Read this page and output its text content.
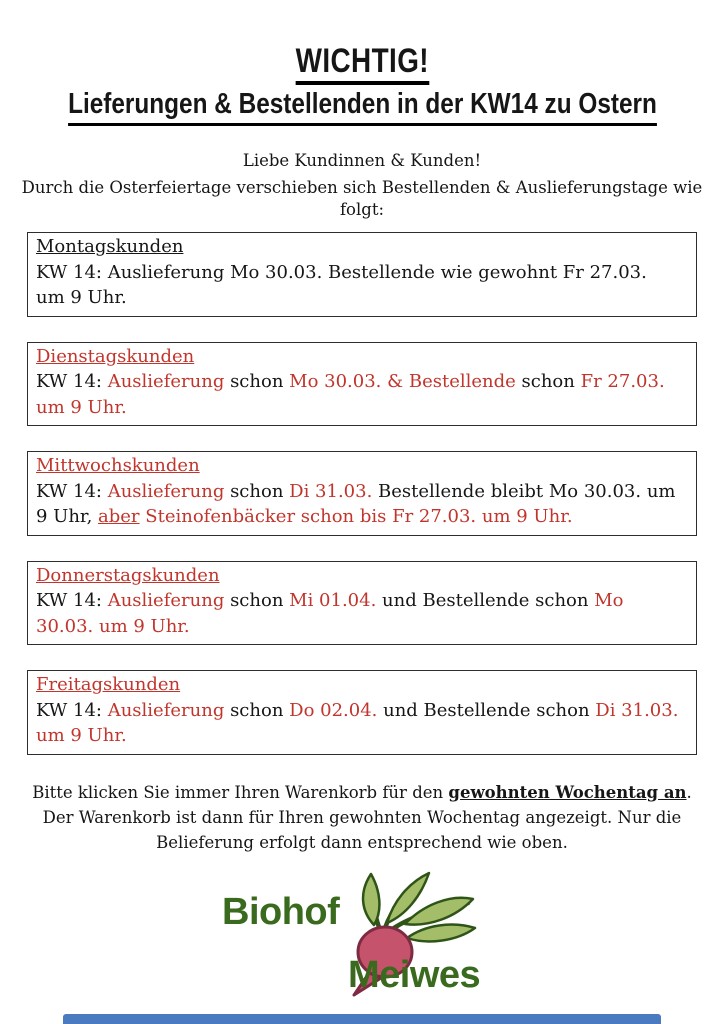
WICHTIG!
Lieferungen & Bestellenden in der KW14 zu Ostern

Liebe Kundinnen & Kunden!

Durch die Osterfeiertage verschieben sich Bestellenden & Auslieferungstage wie folgt:

Montagskunden
KW 14: Auslieferung Mo 30.03. Bestellende wie gewohnt Fr 27.03.
um 9 Uhr.
Dienstagskunden
KW 14: Auslieferung schon Mo 30.03. & Bestellende schon Fr 27.03.
um 9 Uhr.
Mittwochskunden
KW 14: Auslieferung schon Di 31.03. Bestellende bleibt Mo 30.03. um
9 Uhr, aber Steinofenbäcker schon bis Fr 27.03. um 9 Uhr.
Donnerstagskunden
KW 14: Auslieferung schon Mi 01.04. und Bestellende schon Mo
30.03. um 9 Uhr.
Freitagskunden
KW 14: Auslieferung schon Do 02.04. und Bestellende schon Di 31.03.
um 9 Uhr.

Bitte klicken Sie immer Ihren Warenkorb für den gewohnten Wochentag an.
Der Warenkorb ist dann für Ihren gewohnten Wochentag angezeigt. Nur die
Belieferung erfolgt dann entsprechend wie oben.

Biohof
Meiwes
